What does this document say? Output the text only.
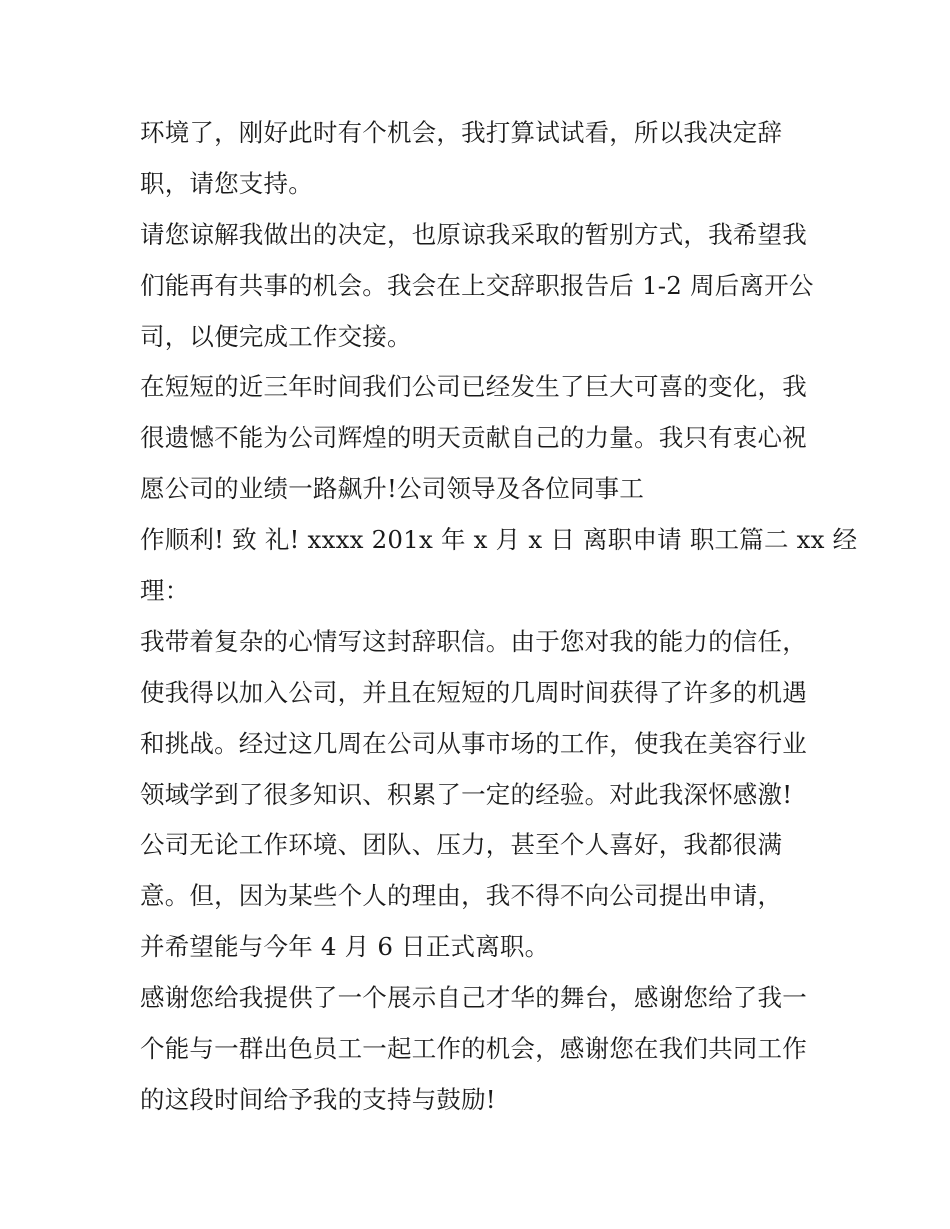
环境了，刚好此时有个机会，我打算试试看，所以我决定辞
职，请您支持。
请您谅解我做出的决定，也原谅我采取的暂别方式，我希望我
们能再有共事的机会。我会在上交辞职报告后 1-2 周后离开公
司，以便完成工作交接。
在短短的近三年时间我们公司已经发生了巨大可喜的变化，我
很遗憾不能为公司辉煌的明天贡献自己的力量。我只有衷心祝
愿公司的业绩一路飙升!公司领导及各位同事工
作顺利! 致 礼! xxxx 201x 年 x 月 x 日 离职申请 职工篇二 xx 经
理：
我带着复杂的心情写这封辞职信。由于您对我的能力的信任，
使我得以加入公司，并且在短短的几周时间获得了许多的机遇
和挑战。经过这几周在公司从事市场的工作，使我在美容行业
领域学到了很多知识、积累了一定的经验。对此我深怀感激!
公司无论工作环境、团队、压力，甚至个人喜好，我都很满
意。但，因为某些个人的理由，我不得不向公司提出申请，
并希望能与今年 4 月 6 日正式离职。
感谢您给我提供了一个展示自己才华的舞台，感谢您给了我一
个能与一群出色员工一起工作的机会，感谢您在我们共同工作
的这段时间给予我的支持与鼓励!
